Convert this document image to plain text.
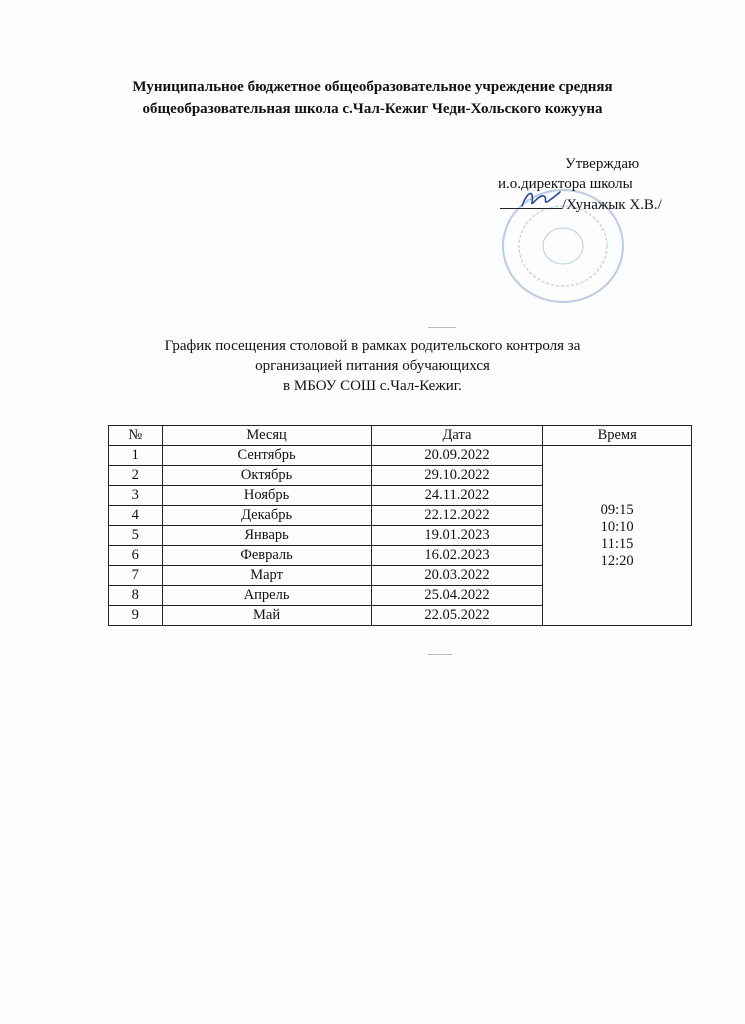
Муниципальное бюджетное общеобразовательное учреждение средняя
общеобразовательная школа с.Чал-Кежиг Чеди-Хольского кожууна
Утверждаю
и.о.директора школы
/Хунажык Х.В./
График посещения столовой в рамках родительского контроля за
организацией питания обучающихся
в МБОУ СОШ с.Чал-Кежиг.
№	Месяц	Дата	Время
1	Сентябрь	20.09.2022	09:15
10:10
11:15
12:20

2	Октябрь	29.10.2022	
3	Ноябрь	24.11.2022	
4	Декабрь	22.12.2022	
5	Январь	19.01.2023	
6	Февраль	16.02.2023	
7	Март	20.03.2022	
8	Апрель	25.04.2022	
9	Май	22.05.2022	
